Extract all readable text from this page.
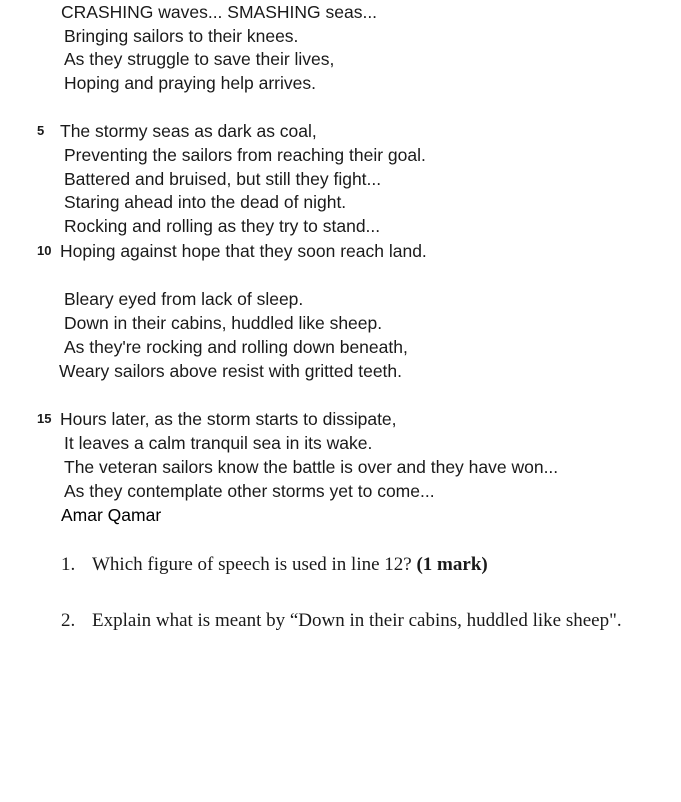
CRASHING waves... SMASHING seas...
Bringing sailors to their knees.
As they struggle to save their lives,
Hoping and praying help arrives.
5 The stormy seas as dark as coal,
Preventing the sailors from reaching their goal.
Battered and bruised, but still they fight...
Staring ahead into the dead of night.
Rocking and rolling as they try to stand...
10 Hoping against hope that they soon reach land.
Bleary eyed from lack of sleep.
Down in their cabins, huddled like sheep.
As they're rocking and rolling down beneath,
Weary sailors above resist with gritted teeth.
15 Hours later, as the storm starts to dissipate,
It leaves a calm tranquil sea in its wake.
The veteran sailors know the battle is over and they have won...
As they contemplate other storms yet to come...
Amar Qamar
1. Which figure of speech is used in line 12? (1 mark)
2. Explain what is meant by “Down in their cabins, huddled like sheep".
